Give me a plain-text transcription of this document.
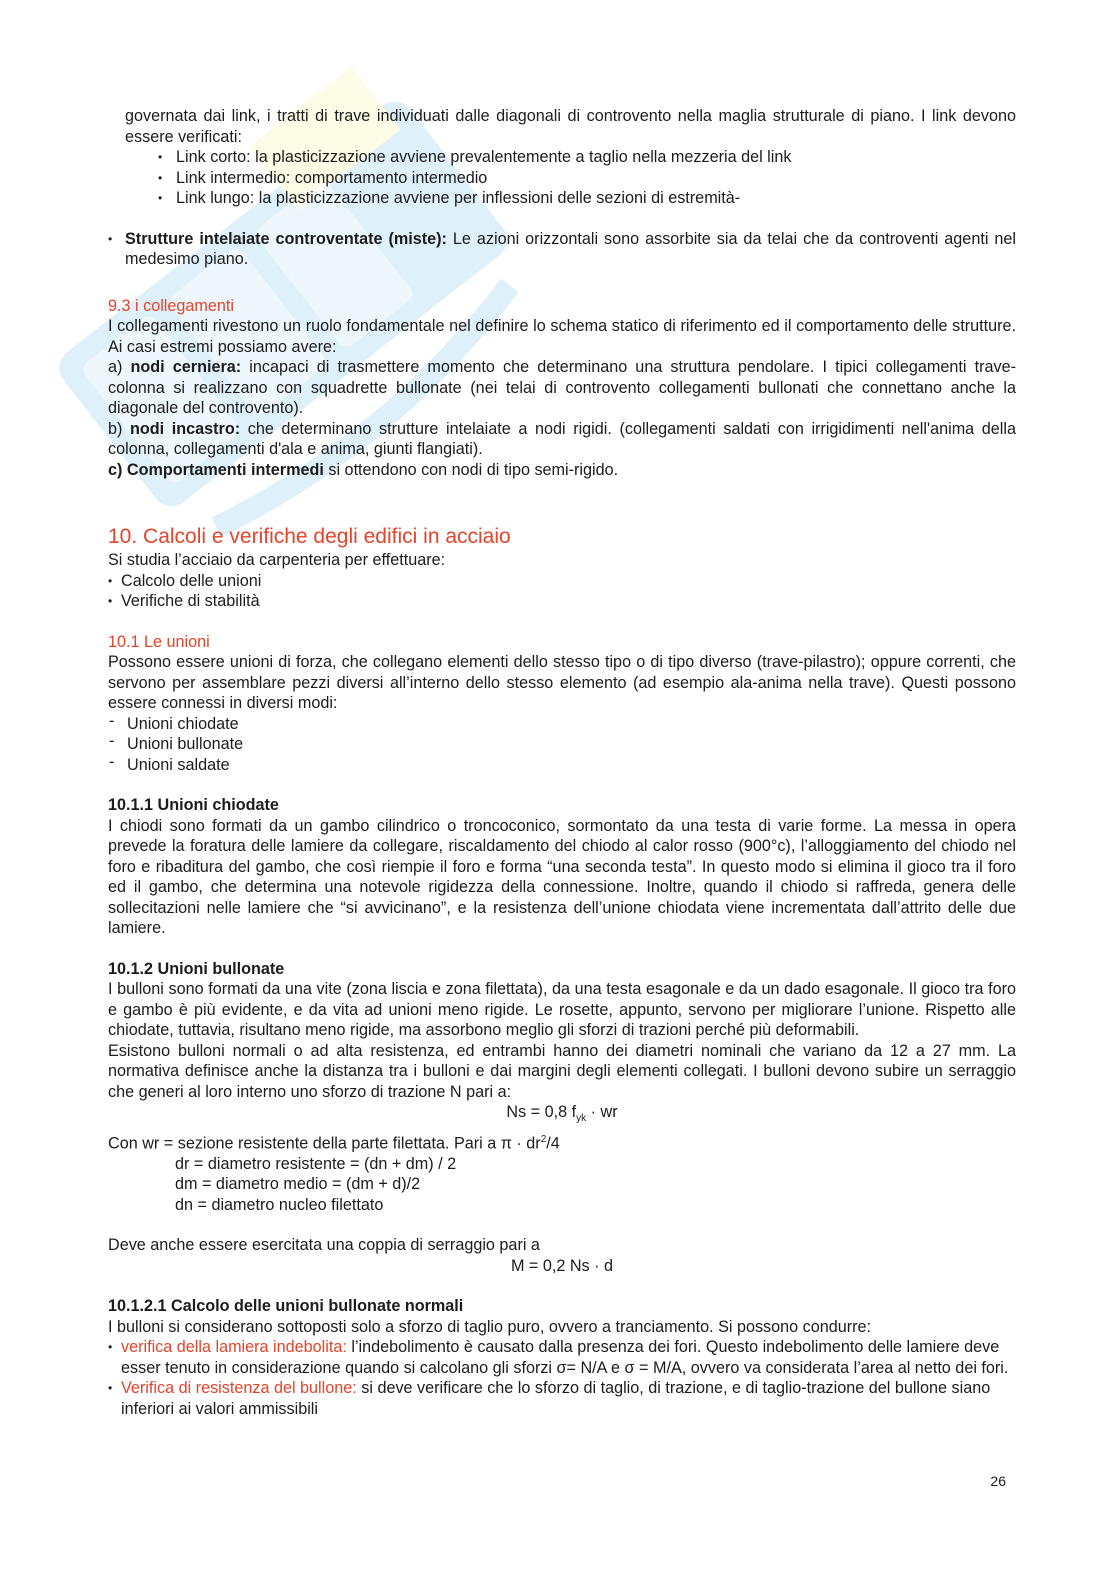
governata dai link, i tratti di trave individuati dalle diagonali di controvento nella maglia strutturale di piano. I link devono essere verificati:

• Link corto: la plasticizzazione avviene prevalentemente a taglio nella mezzeria del link
• Link intermedio: comportamento intermedio
• Link lungo: la plasticizzazione avviene per inflessioni delle sezioni di estremità-
• Strutture intelaiate controventate (miste): Le azioni orizzontali sono assorbite sia da telai che da controventi agenti nel medesimo piano.

9.3 i collegamenti

I collegamenti rivestono un ruolo fondamentale nel definire lo schema statico di riferimento ed il comportamento delle strutture. Ai casi estremi possiamo avere:

a) nodi cerniera: incapaci di trasmettere momento che determinano una struttura pendolare. I tipici collegamenti trave-colonna si realizzano con squadrette bullonate (nei telai di controvento collegamenti bullonati che connettano anche la diagonale del controvento).

b) nodi incastro: che determinano strutture intelaiate a nodi rigidi. (collegamenti saldati con irrigidimenti nell'anima della colonna, collegamenti d'ala e anima, giunti flangiati).

c) Comportamenti intermedi si ottendono con nodi di tipo semi-rigido.

10. Calcoli e verifiche degli edifici in acciaio

Si studia l’acciaio da carpenteria per effettuare:

• Calcolo delle unioni
• Verifiche di stabilità

10.1 Le unioni

Possono essere unioni di forza, che collegano elementi dello stesso tipo o di tipo diverso (trave-pilastro); oppure correnti, che servono per assemblare pezzi diversi all’interno dello stesso elemento (ad esempio ala-anima nella trave). Questi possono essere connessi in diversi modi:

- Unioni chiodate
- Unioni bullonate
- Unioni saldate

10.1.1 Unioni chiodate

I chiodi sono formati da un gambo cilindrico o troncoconico, sormontato da una testa di varie forme. La messa in opera prevede la foratura delle lamiere da collegare, riscaldamento del chiodo al calor rosso (900°c), l’alloggiamento del chiodo nel foro e ribaditura del gambo, che così riempie il foro e forma “una seconda testa”. In questo modo si elimina il gioco tra il foro ed il gambo, che determina una notevole rigidezza della connessione. Inoltre, quando il chiodo si raffreda, genera delle sollecitazioni nelle lamiere che “si avvicinano”, e la resistenza dell’unione chiodata viene incrementata dall’attrito delle due lamiere.

10.1.2 Unioni bullonate

I bulloni sono formati da una vite (zona liscia e zona filettata), da una testa esagonale e da un dado esagonale. Il gioco tra foro e gambo è più evidente, e da vita ad unioni meno rigide. Le rosette, appunto, servono per migliorare l’unione. Rispetto alle chiodate, tuttavia, risultano meno rigide, ma assorbono meglio gli sforzi di trazioni perché più deformabili.

Esistono bulloni normali o ad alta resistenza, ed entrambi hanno dei diametri nominali che variano da 12 a 27 mm. La normativa definisce anche la distanza tra i bulloni e dai margini degli elementi collegati. I bulloni devono subire un serraggio che generi al loro interno uno sforzo di trazione N pari a:

Ns = 0,8 $f_{yk}$ · wr

Con wr = sezione resistente della parte filettata. Pari a $\pi \cdot dr^2/4$

dr = diametro resistente = (dn + dm) / 2

dm = diametro medio = (dm + d)/2

dn = diametro nucleo filettato

Deve anche essere esercitata una coppia di serraggio pari a

M = 0,2 Ns · d

10.1.2.1 Calcolo delle unioni bullonate normali

I bulloni si considerano sottoposti solo a sforzo di taglio puro, ovvero a tranciamento. Si possono condurre:

• verifica della lamiera indebolita: l’indebolimento è causato dalla presenza dei fori. Questo indebolimento delle lamiere deve esser tenuto in considerazione quando si calcolano gli sforzi σ= N/A e σ = M/A, ovvero va considerata l’area al netto dei fori.
• Verifica di resistenza del bullone: si deve verificare che lo sforzo di taglio, di trazione, e di taglio-trazione del bullone siano inferiori ai valori ammissibili
26
